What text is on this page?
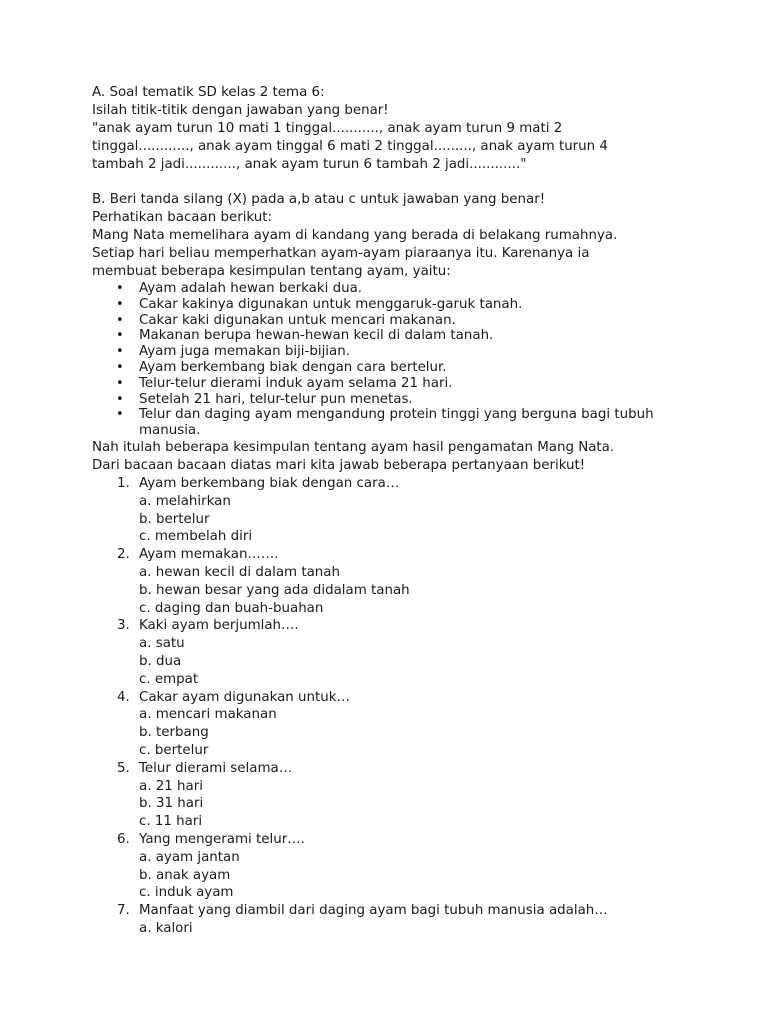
A. Soal tematik SD kelas 2 tema 6:
Isilah titik-titik dengan jawaban yang benar!
"anak ayam turun 10 mati 1 tinggal..........., anak ayam turun 9 mati 2
tinggal............, anak ayam tinggal 6 mati 2 tinggal........., anak ayam turun 4
tambah 2 jadi............, anak ayam turun 6 tambah 2 jadi............"
B. Beri tanda silang (X) pada a,b atau c untuk jawaban yang benar!
Perhatikan bacaan berikut:
Mang Nata memelihara ayam di kandang yang berada di belakang rumahnya.
Setiap hari beliau memperhatkan ayam-ayam piaraanya itu. Karenanya ia
membuat beberapa kesimpulan tentang ayam, yaitu:
• Ayam adalah hewan berkaki dua.
• Cakar kakinya digunakan untuk menggaruk-garuk tanah.
• Cakar kaki digunakan untuk mencari makanan.
• Makanan berupa hewan-hewan kecil di dalam tanah.
• Ayam juga memakan biji-bijian.
• Ayam berkembang biak dengan cara bertelur.
• Telur-telur dierami induk ayam selama 21 hari.
• Setelah 21 hari, telur-telur pun menetas.
• Telur dan daging ayam mengandung protein tinggi yang berguna bagi tubuh manusia.
Nah itulah beberapa kesimpulan tentang ayam hasil pengamatan Mang Nata.
Dari bacaan bacaan diatas mari kita jawab beberapa pertanyaan berikut!
1. Ayam berkembang biak dengan cara…
a. melahirkan
b. bertelur
c. membelah diri
2. Ayam memakan…….
a. hewan kecil di dalam tanah
b. hewan besar yang ada didalam tanah
c. daging dan buah-buahan
3. Kaki ayam berjumlah….
a. satu
b. dua
c. empat
4. Cakar ayam digunakan untuk…
a. mencari makanan
b. terbang
c. bertelur
5. Telur dierami selama…
a. 21 hari
b. 31 hari
c. 11 hari
6. Yang mengerami telur….
a. ayam jantan
b. anak ayam
c. induk ayam
7. Manfaat yang diambil dari daging ayam bagi tubuh manusia adalah…
a. kalori
